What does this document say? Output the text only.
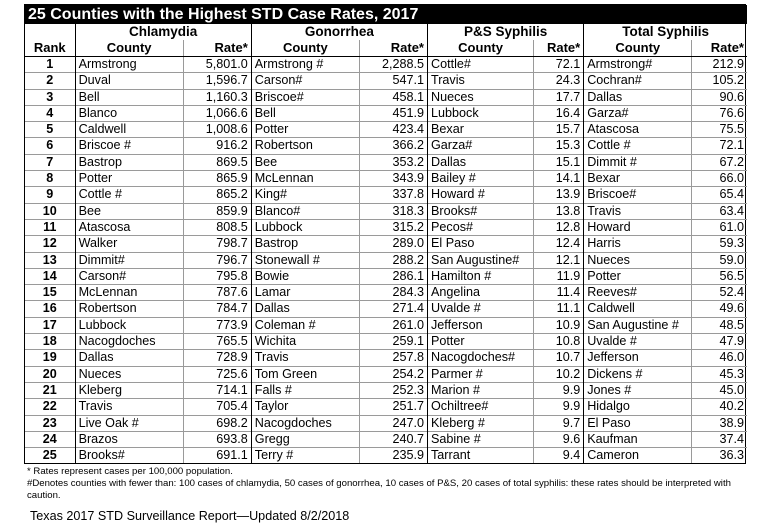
25 Counties with the Highest STD Case Rates, 2017								
	Chlamydia		Gonorrhea		P&S Syphilis		Total Syphilis	
Rank	County	Rate*	County	Rate*	County	Rate*	County	Rate*
1	Armstrong	5,801.0	Armstrong #	2,288.5	Cottle#	72.1	Armstrong#	212.9
2	Duval	1,596.7	Carson#	547.1	Travis	24.3	Cochran#	105.2
3	Bell	1,160.3	Briscoe#	458.1	Nueces	17.7	Dallas	90.6
4	Blanco	1,066.6	Bell	451.9	Lubbock	16.4	Garza#	76.6
5	Caldwell	1,008.6	Potter	423.4	Bexar	15.7	Atascosa	75.5
6	Briscoe #	916.2	Robertson	366.2	Garza#	15.3	Cottle #	72.1
7	Bastrop	869.5	Bee	353.2	Dallas	15.1	Dimmit #	67.2
8	Potter	865.9	McLennan	343.9	Bailey #	14.1	Bexar	66.0
9	Cottle #	865.2	King#	337.8	Howard #	13.9	Briscoe#	65.4
10	Bee	859.9	Blanco#	318.3	Brooks#	13.8	Travis	63.4
11	Atascosa	808.5	Lubbock	315.2	Pecos#	12.8	Howard	61.0
12	Walker	798.7	Bastrop	289.0	El Paso	12.4	Harris	59.3
13	Dimmit#	796.7	Stonewall #	288.2	San Augustine#	12.1	Nueces	59.0
14	Carson#	795.8	Bowie	286.1	Hamilton #	11.9	Potter	56.5
15	McLennan	787.6	Lamar	284.3	Angelina	11.4	Reeves#	52.4
16	Robertson	784.7	Dallas	271.4	Uvalde #	11.1	Caldwell	49.6
17	Lubbock	773.9	Coleman #	261.0	Jefferson	10.9	San Augustine #	48.5
18	Nacogdoches	765.5	Wichita	259.1	Potter	10.8	Uvalde #	47.9
19	Dallas	728.9	Travis	257.8	Nacogdoches#	10.7	Jefferson	46.0
20	Nueces	725.6	Tom Green	254.2	Parmer #	10.2	Dickens #	45.3
21	Kleberg	714.1	Falls #	252.3	Marion #	9.9	Jones #	45.0
22	Travis	705.4	Taylor	251.7	Ochiltree#	9.9	Hidalgo	40.2
23	Live Oak #	698.2	Nacogdoches	247.0	Kleberg #	9.7	El Paso	38.9
24	Brazos	693.8	Gregg	240.7	Sabine #	9.6	Kaufman	37.4
25	Brooks#	691.1	Terry #	235.9	Tarrant	9.4	Cameron	36.3
* Rates represent cases per 100,000 population.
#Denotes counties with fewer than: 100 cases of chlamydia, 50 cases of gonorrhea, 10 cases of P&S, 20 cases of total syphilis: these rates should be interpreted with caution.
Texas 2017 STD Surveillance Report—Updated 8/2/2018
